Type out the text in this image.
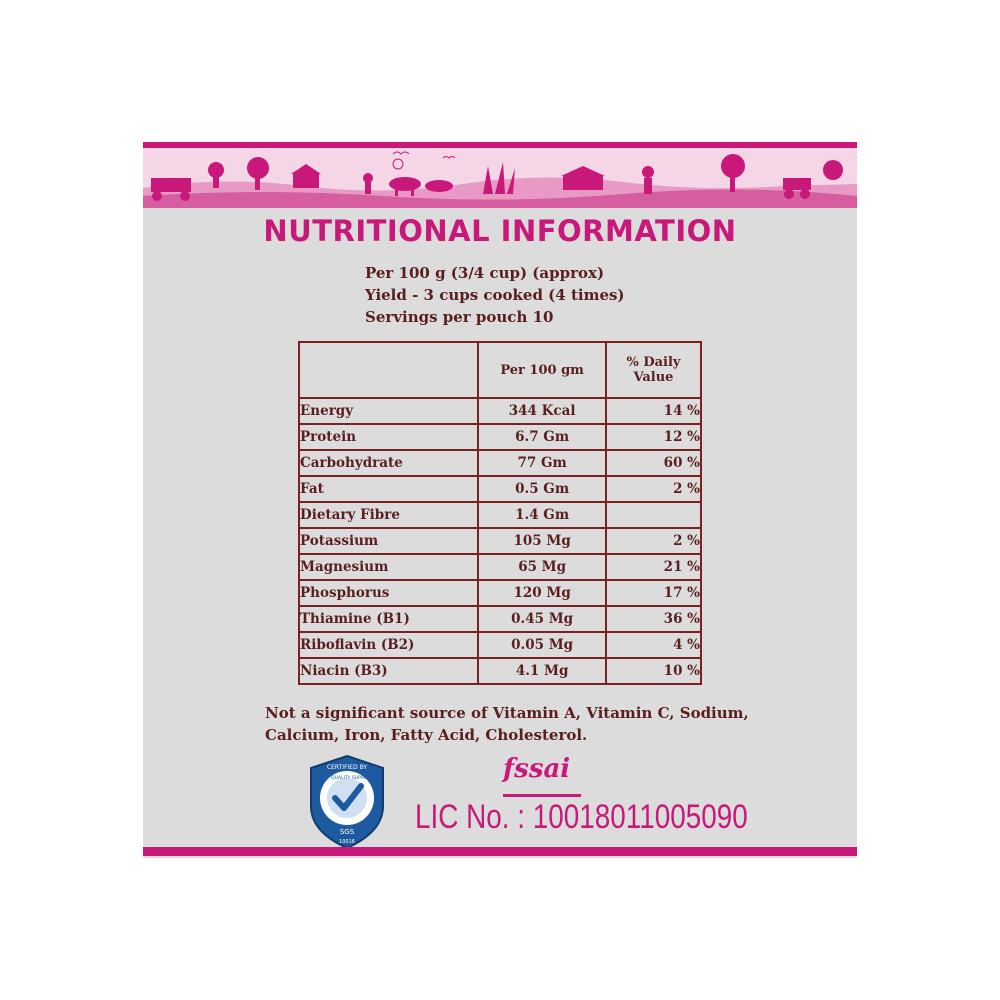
NUTRITIONAL INFORMATION
Per 100 g (3/4 cup) (approx)
Yield - 3 cups cooked (4 times)
Servings per pouch 10
	Per 100 gm	% Daily Value
Energy	344 Kcal	14 %
Protein	6.7 Gm	12 %
Carbohydrate	77 Gm	60 %
Fat	0.5 Gm	2 %
Dietary Fibre	1.4 Gm	
Potassium	105 Mg	2 %
Magnesium	65 Mg	21 %
Phosphorus	120 Mg	17 %
Thiamine (B1)	0.45 Mg	36 %
Riboflavin (B2)	0.05 Mg	4 %
Niacin (B3)	4.1 Mg	10 %
Not a significant source of Vitamin A, Vitamin C, Sodium,
Calcium, Iron, Fatty Acid, Cholesterol.
CERTIFIED BY
SQF QUALITY SUPPLIER
SGS
10016
fssai
LIC No. : 10018011005090
